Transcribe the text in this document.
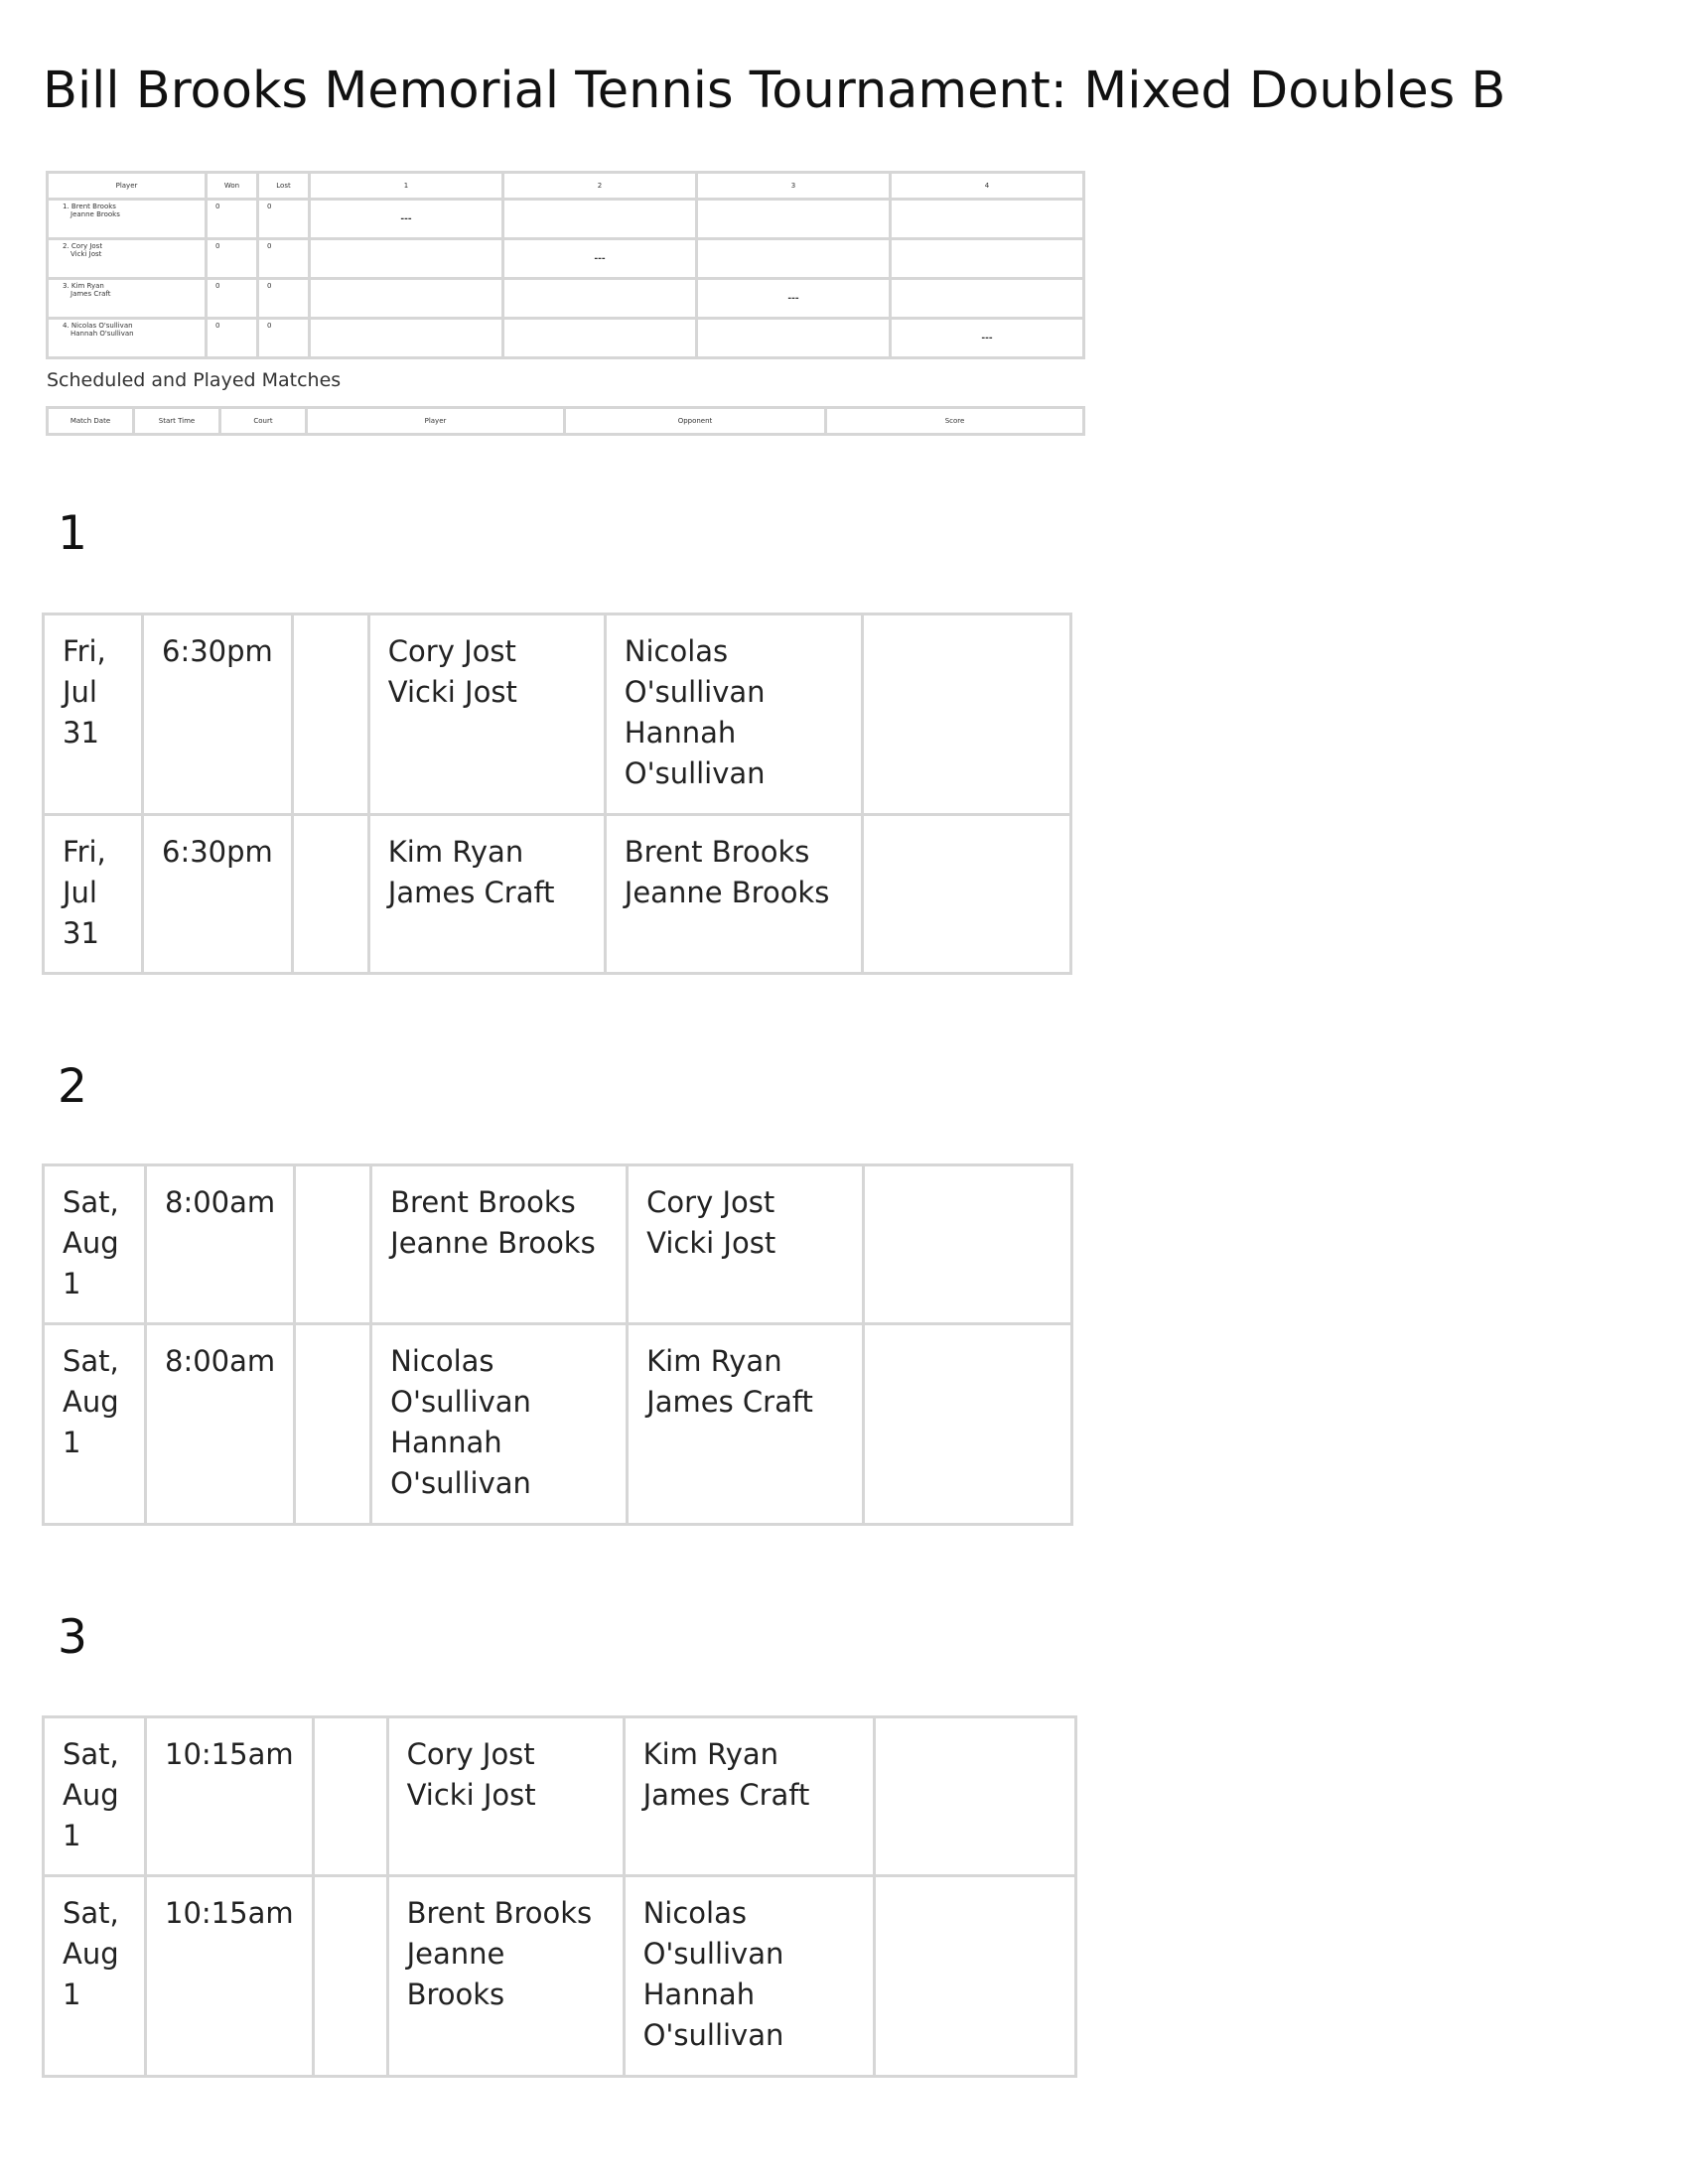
Bill Brooks Memorial Tennis Tournament: Mixed Doubles B
Player	Won	Lost	1	2	3	4

1. Brent Brooks
Jeanne Brooks	0	0	---			

2. Cory Jost
Vicki Jost	0	0		---		

3. Kim Ryan
James Craft	0	0			---	

4. Nicolas O'sullivan
Hannah O'sullivan	0	0				---

Scheduled and Played Matches

Match Date	Start Time	Court	Player	Opponent	Score

1

Fri,
Jul
31	6:30pm		Cory Jost
Vicki Jost	Nicolas
O'sullivan
Hannah
O'sullivan	

Fri,
Jul
31	6:30pm		Kim Ryan
James Craft	Brent Brooks
Jeanne Brooks	

2

Sat,
Aug
1	8:00am		Brent Brooks
Jeanne Brooks	Cory Jost
Vicki Jost	

Sat,
Aug
1	8:00am		Nicolas
O'sullivan
Hannah
O'sullivan	Kim Ryan
James Craft	

3

Sat,
Aug
1	10:15am		Cory Jost
Vicki Jost	Kim Ryan
James Craft	

Sat,
Aug
1	10:15am		Brent Brooks
Jeanne Brooks	Nicolas
O'sullivan
Hannah
O'sullivan	
